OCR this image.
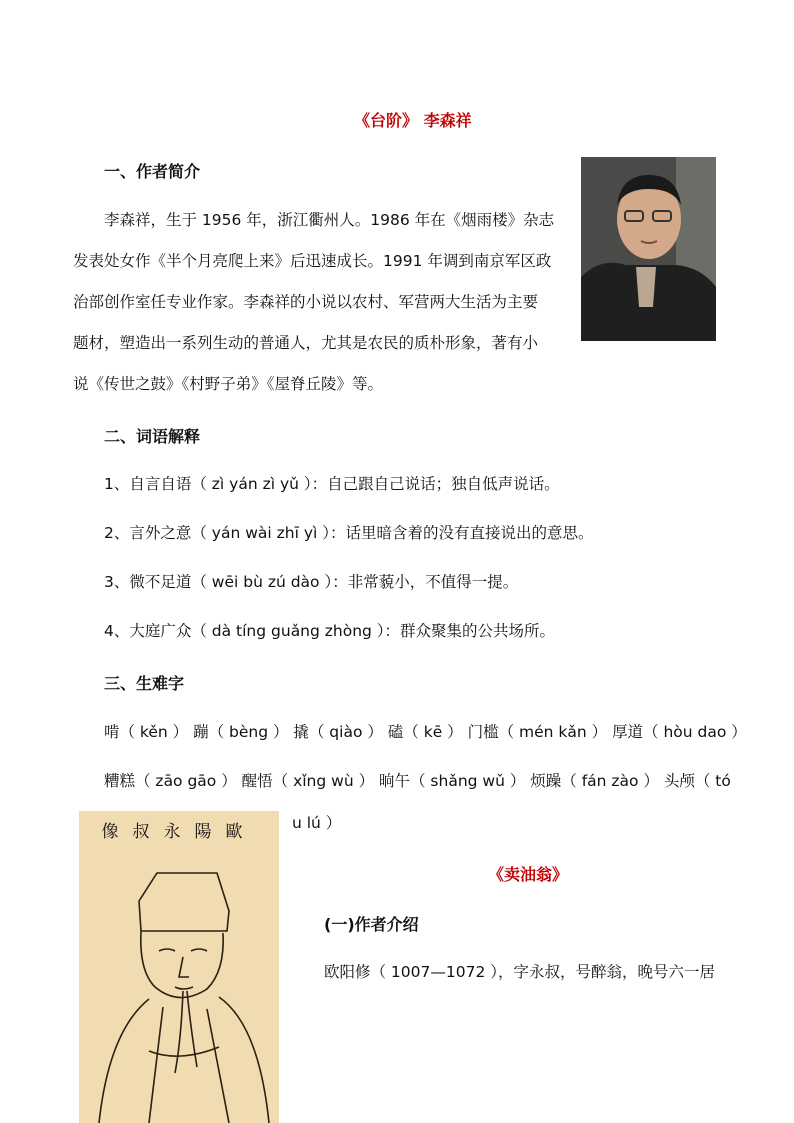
《台阶》 李森祥
一、作者简介
李森祥，生于 1956 年，浙江衢州人。1986 年在《烟雨楼》杂志
发表处女作《半个月亮爬上来》后迅速成长。1991 年调到南京军区政
治部创作室任专业作家。李森祥的小说以农村、军营两大生活为主要
题材，塑造出一系列生动的普通人，尤其是农民的质朴形象，著有小
说《传世之鼓》《村野子弟》《屋脊丘陵》等。
二、词语解释
1、自言自语（ zì yán zì yǔ ）：自己跟自己说话；独自低声说话。
2、言外之意（ yán wài zhī yì ）：话里暗含着的没有直接说出的意思。
3、微不足道（ wēi bù zú dào ）：非常藐小，不值得一提。
4、大庭广众（ dà tíng guǎng zhòng ）：群众聚集的公共场所。
三、生难字
啃（ kěn ） 蹦（ bèng ） 撬（ qiào ） 磕（ kē ） 门槛（ mén kǎn ） 厚道（ hòu dao ）
糟糕（ zāo gāo ） 醒悟（ xǐng wù ） 晌午（ shǎng wǔ ） 烦躁（ fán zào ） 头颅（ tó
u lú ）
像叔永陽歐
《卖油翁》
(一)作者介绍
欧阳修（ 1007—1072 ），字永叔，号醉翁，晚号六一居
